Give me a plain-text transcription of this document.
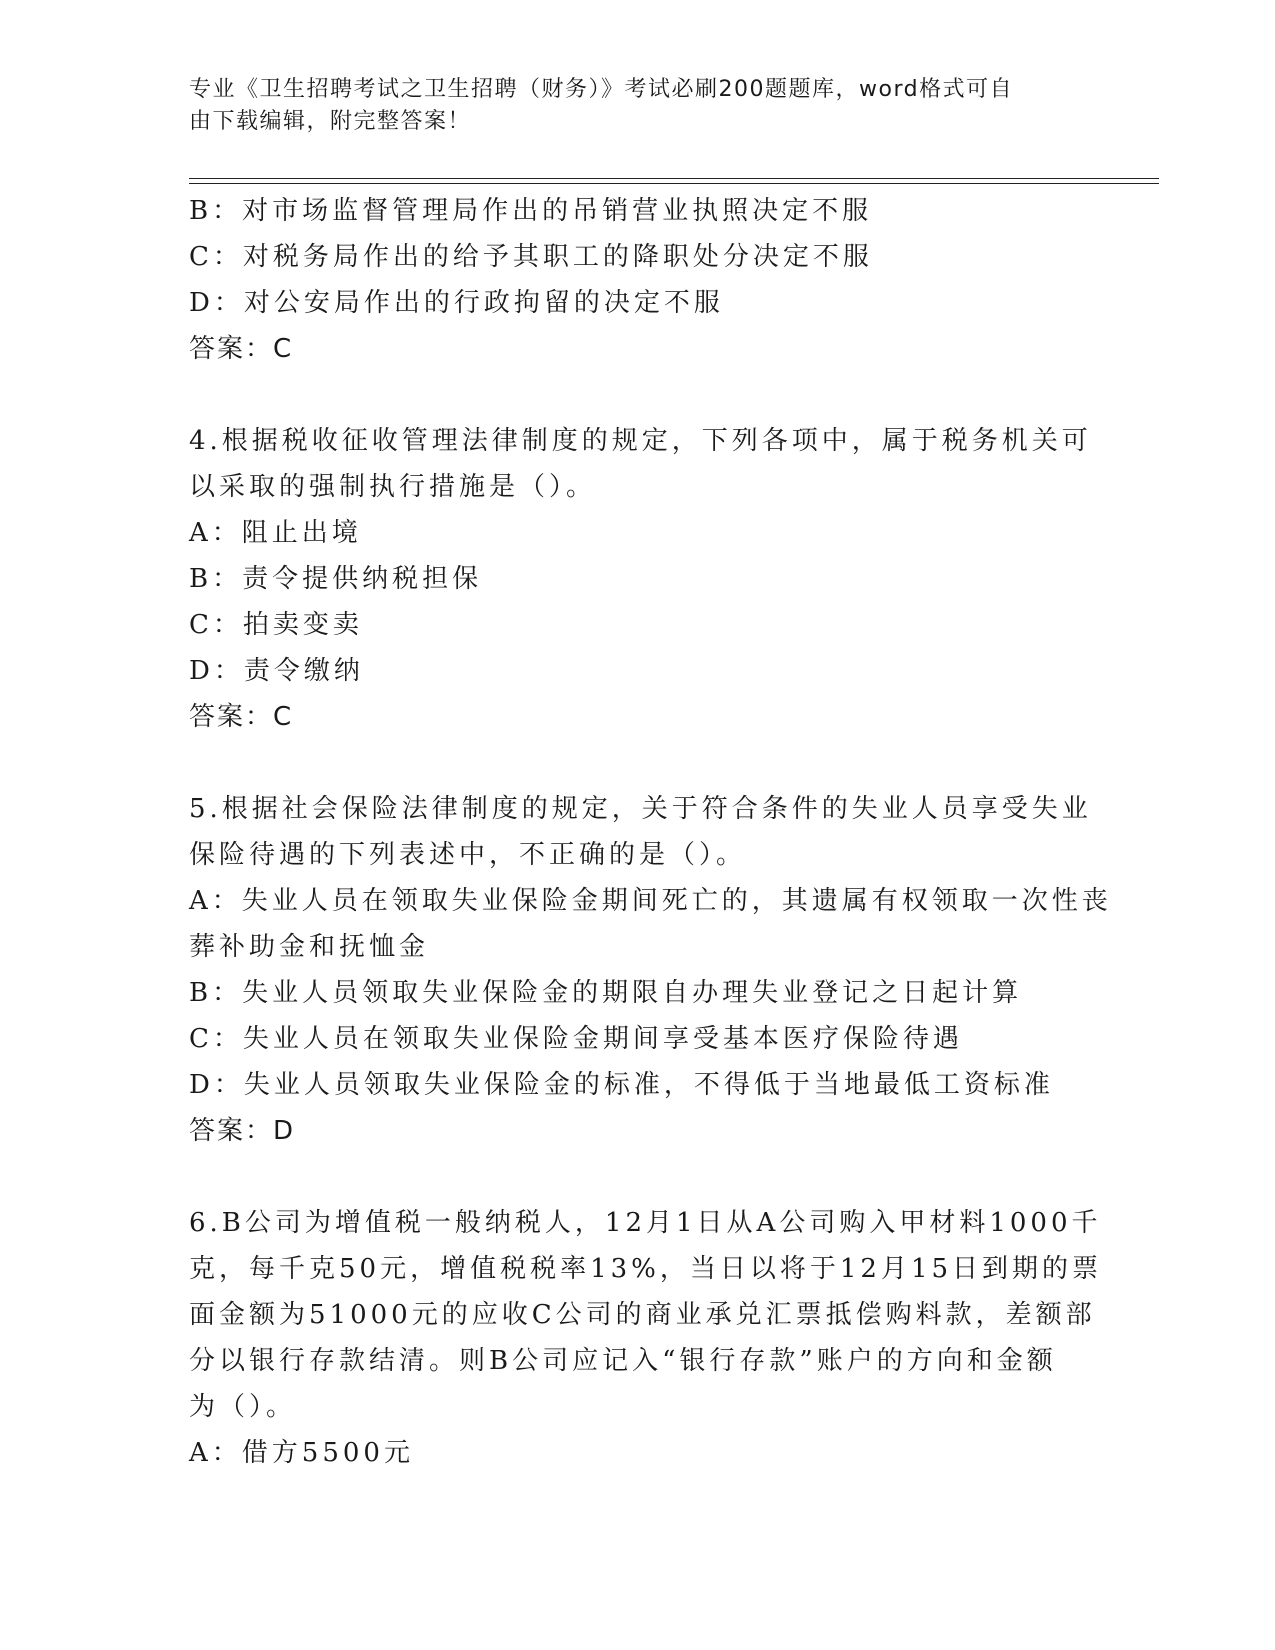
专业《卫生招聘考试之卫生招聘（财务）》考试必刷200题题库，word格式可自
由下载编辑，附完整答案！

B：对市场监督管理局作出的吊销营业执照决定不服

C：对税务局作出的给予其职工的降职处分决定不服

D：对公安局作出的行政拘留的决定不服

答案：C

4.根据税收征收管理法律制度的规定，下列各项中，属于税务机关可

以采取的强制执行措施是（）。

A：阻止出境

B：责令提供纳税担保

C：拍卖变卖

D：责令缴纳

答案：C

5.根据社会保险法律制度的规定，关于符合条件的失业人员享受失业

保险待遇的下列表述中，不正确的是（）。

A：失业人员在领取失业保险金期间死亡的，其遗属有权领取一次性丧

葬补助金和抚恤金

B：失业人员领取失业保险金的期限自办理失业登记之日起计算

C：失业人员在领取失业保险金期间享受基本医疗保险待遇

D：失业人员领取失业保险金的标准，不得低于当地最低工资标准

答案：D

6.B公司为增值税一般纳税人，12月1日从A公司购入甲材料1000千

克，每千克50元，增值税税率13%，当日以将于12月15日到期的票

面金额为51000元的应收C公司的商业承兑汇票抵偿购料款，差额部

分以银行存款结清。则B公司应记入“银行存款”账户的方向和金额

为（）。

A：借方5500元
